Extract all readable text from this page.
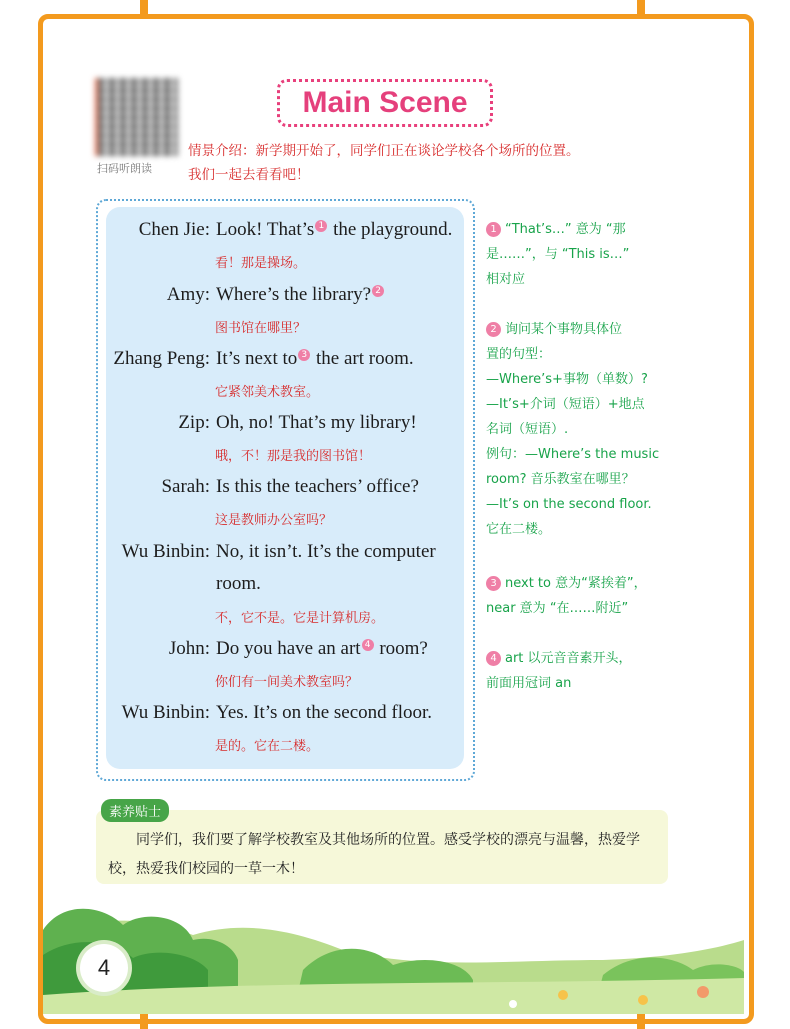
扫码听朗读
Main Scene
情景介绍：新学期开始了，同学们正在谈论学校各个场所的位置。
我们一起去看看吧！
Chen Jie: Look! That’s 1 the playground.
看！那是操场。
Amy: Where’s the library? 2
图书馆在哪里？
Zhang Peng: It’s next to 3 the art room.
它紧邻美术教室。
Zip: Oh, no! That’s my library!
哦，不！那是我的图书馆！
Sarah: Is this the teachers’ office?
这是教师办公室吗？
Wu Binbin: No, it isn’t. It’s the computer
room.
不，它不是。它是计算机房。
John: Do you have an art 4 room?
你们有一间美术教室吗？
Wu Binbin: Yes. It’s on the second floor.
是的。它在二楼。
1 “That’s…” 意为 “那
是……”，与 “This is…”
相对应
2 询问某个事物具体位
置的句型：
—Where’s+事物（单数）?
—It’s+介词（短语）+地点
名词（短语）.
例句：—Where’s the music
room? 音乐教室在哪里？
—It’s on the second floor.
它在二楼。
3 next to 意为“紧挨着”，
near 意为 “在……附近”
4 art 以元音音素开头，
前面用冠词 an
素养贴士
同学们，我们要了解学校教室及其他场所的位置。感受学校的漂亮与温馨，热爱学校，热爱我们校园的一草一木！
4
